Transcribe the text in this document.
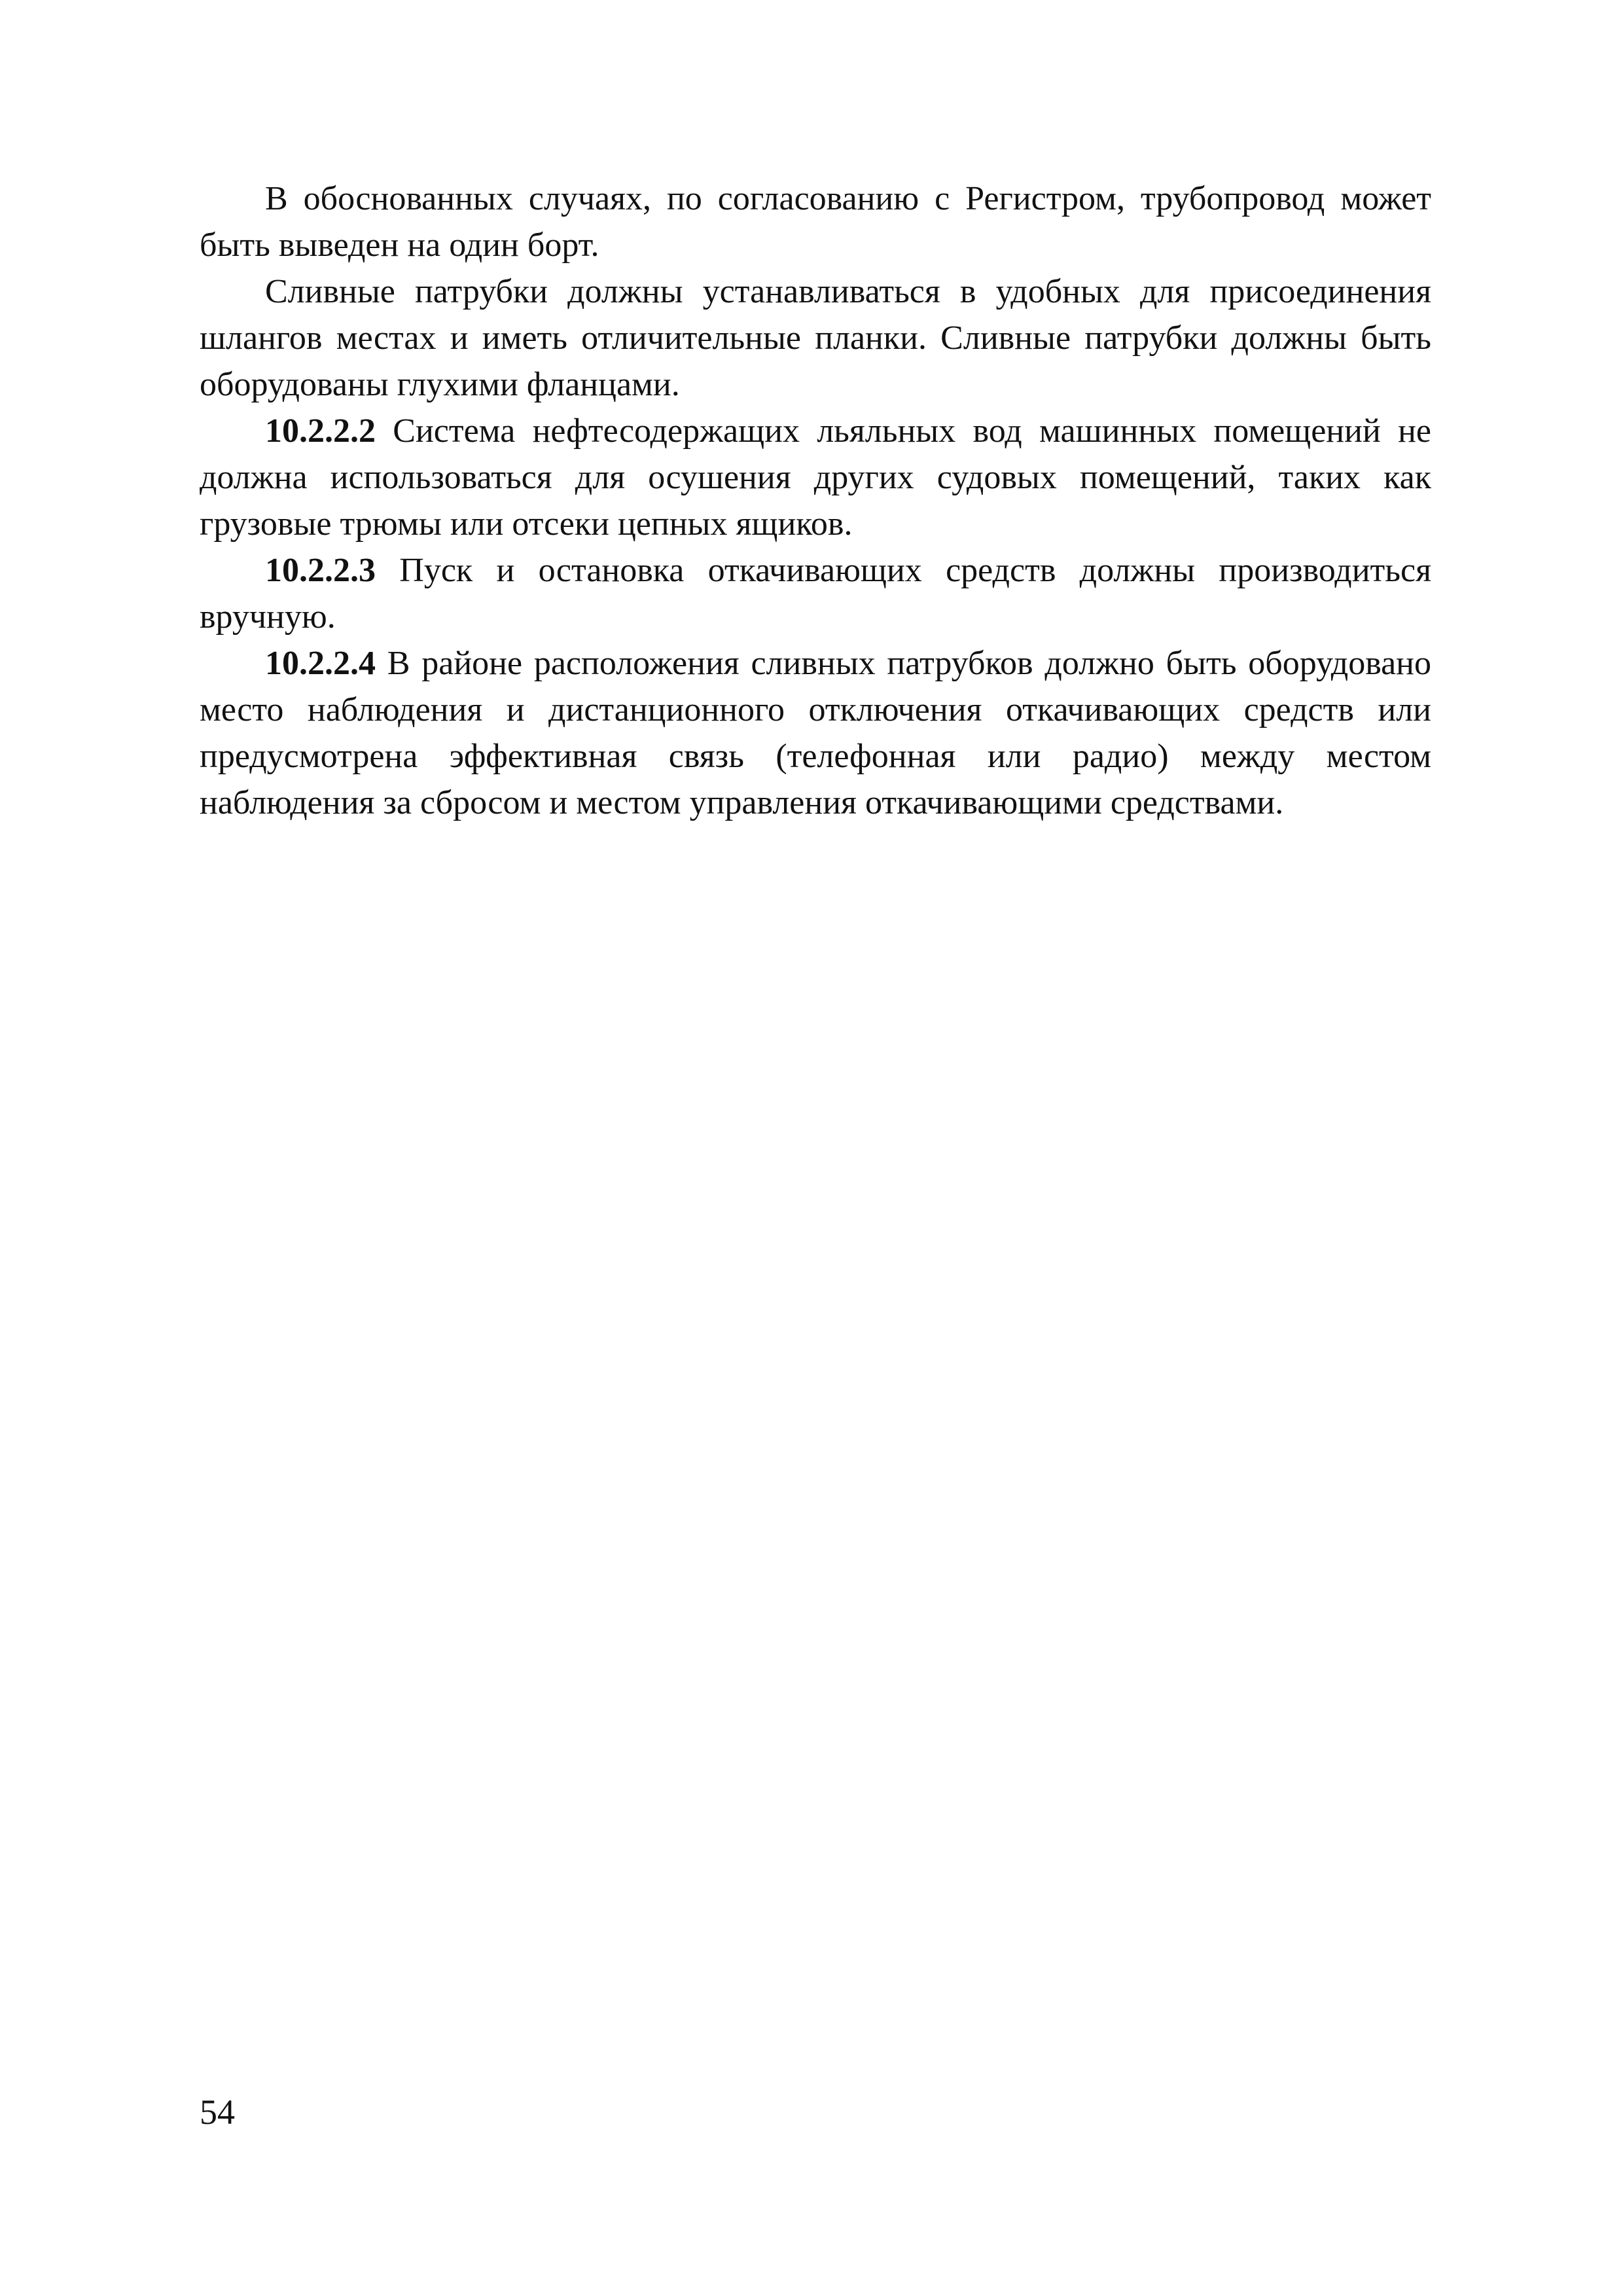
В обоснованных случаях, по согласованию с Регистром, трубопровод может быть выведен на один борт.

Сливные патрубки должны устанавливаться в удобных для присоединения шлангов местах и иметь отличительные планки. Сливные патрубки должны быть оборудованы глухими фланцами.

10.2.2.2 Система нефтесодержащих льяльных вод машинных помещений не должна использоваться для осушения других судовых помещений, таких как грузовые трюмы или отсеки цепных ящиков.

10.2.2.3 Пуск и остановка откачивающих средств должны производиться вручную.

10.2.2.4 В районе расположения сливных патрубков должно быть оборудовано место наблюдения и дистанционного отключения откачивающих средств или предусмотрена эффективная связь (телефонная или радио) между местом наблюдения за сбросом и местом управления откачивающими средствами.

54
